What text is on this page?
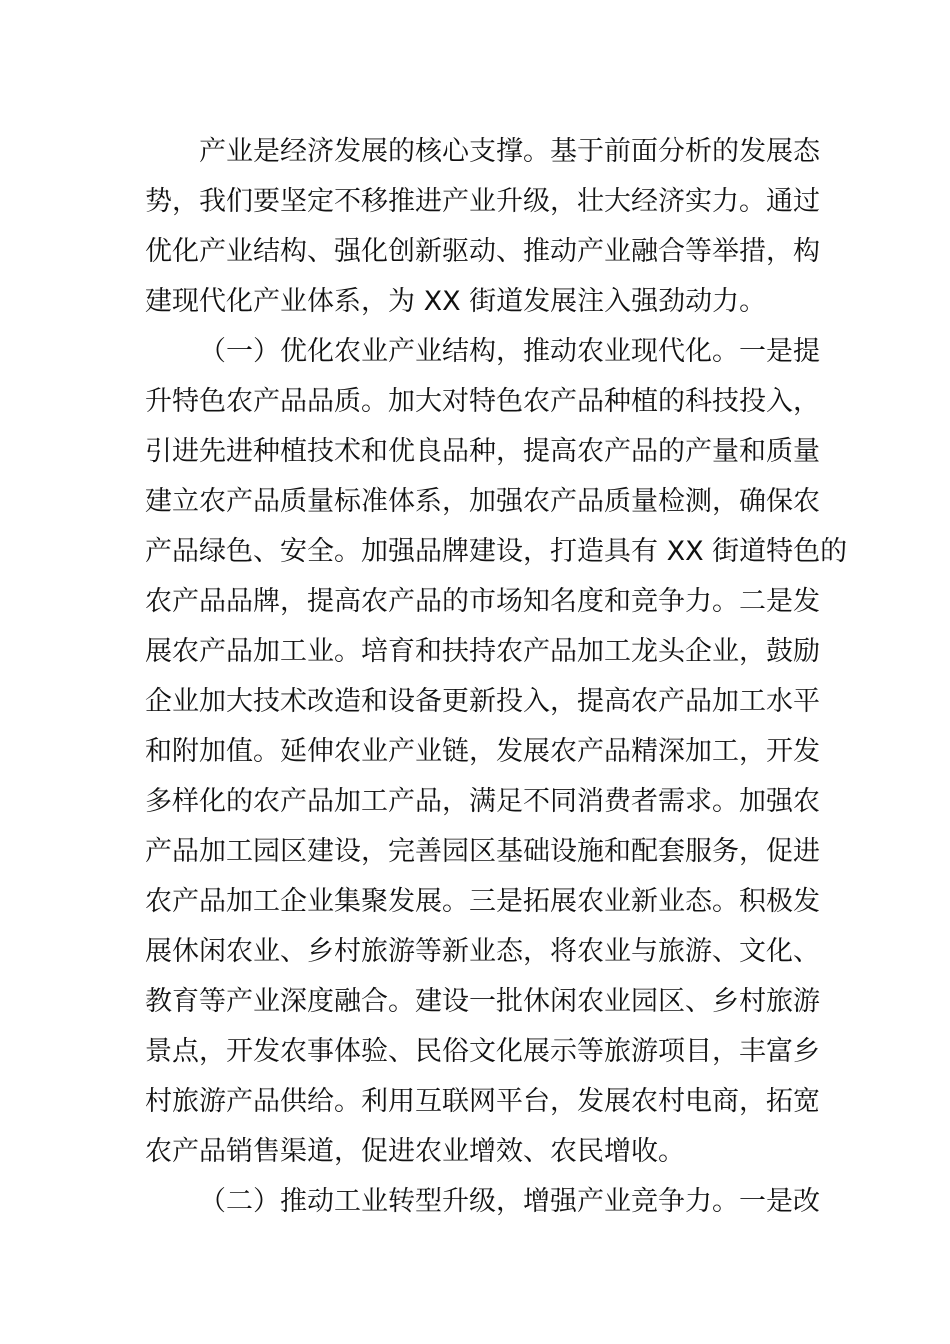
产业是经济发展的核心支撑。基于前面分析的发展态
势，我们要坚定不移推进产业升级，壮大经济实力。通过
优化产业结构、强化创新驱动、推动产业融合等举措，构
建现代化产业体系，为 XX 街道发展注入强劲动力。
（一）优化农业产业结构，推动农业现代化。一是提
升特色农产品品质。加大对特色农产品种植的科技投入，
引进先进种植技术和优良品种，提高农产品的产量和质量
建立农产品质量标准体系，加强农产品质量检测，确保农
产品绿色、安全。加强品牌建设，打造具有 XX 街道特色的
农产品品牌，提高农产品的市场知名度和竞争力。二是发
展农产品加工业。培育和扶持农产品加工龙头企业，鼓励
企业加大技术改造和设备更新投入，提高农产品加工水平
和附加值。延伸农业产业链，发展农产品精深加工，开发
多样化的农产品加工产品，满足不同消费者需求。加强农
产品加工园区建设，完善园区基础设施和配套服务，促进
农产品加工企业集聚发展。三是拓展农业新业态。积极发
展休闲农业、乡村旅游等新业态，将农业与旅游、文化、
教育等产业深度融合。建设一批休闲农业园区、乡村旅游
景点，开发农事体验、民俗文化展示等旅游项目，丰富乡
村旅游产品供给。利用互联网平台，发展农村电商，拓宽
农产品销售渠道，促进农业增效、农民增收。
（二）推动工业转型升级，增强产业竞争力。一是改
